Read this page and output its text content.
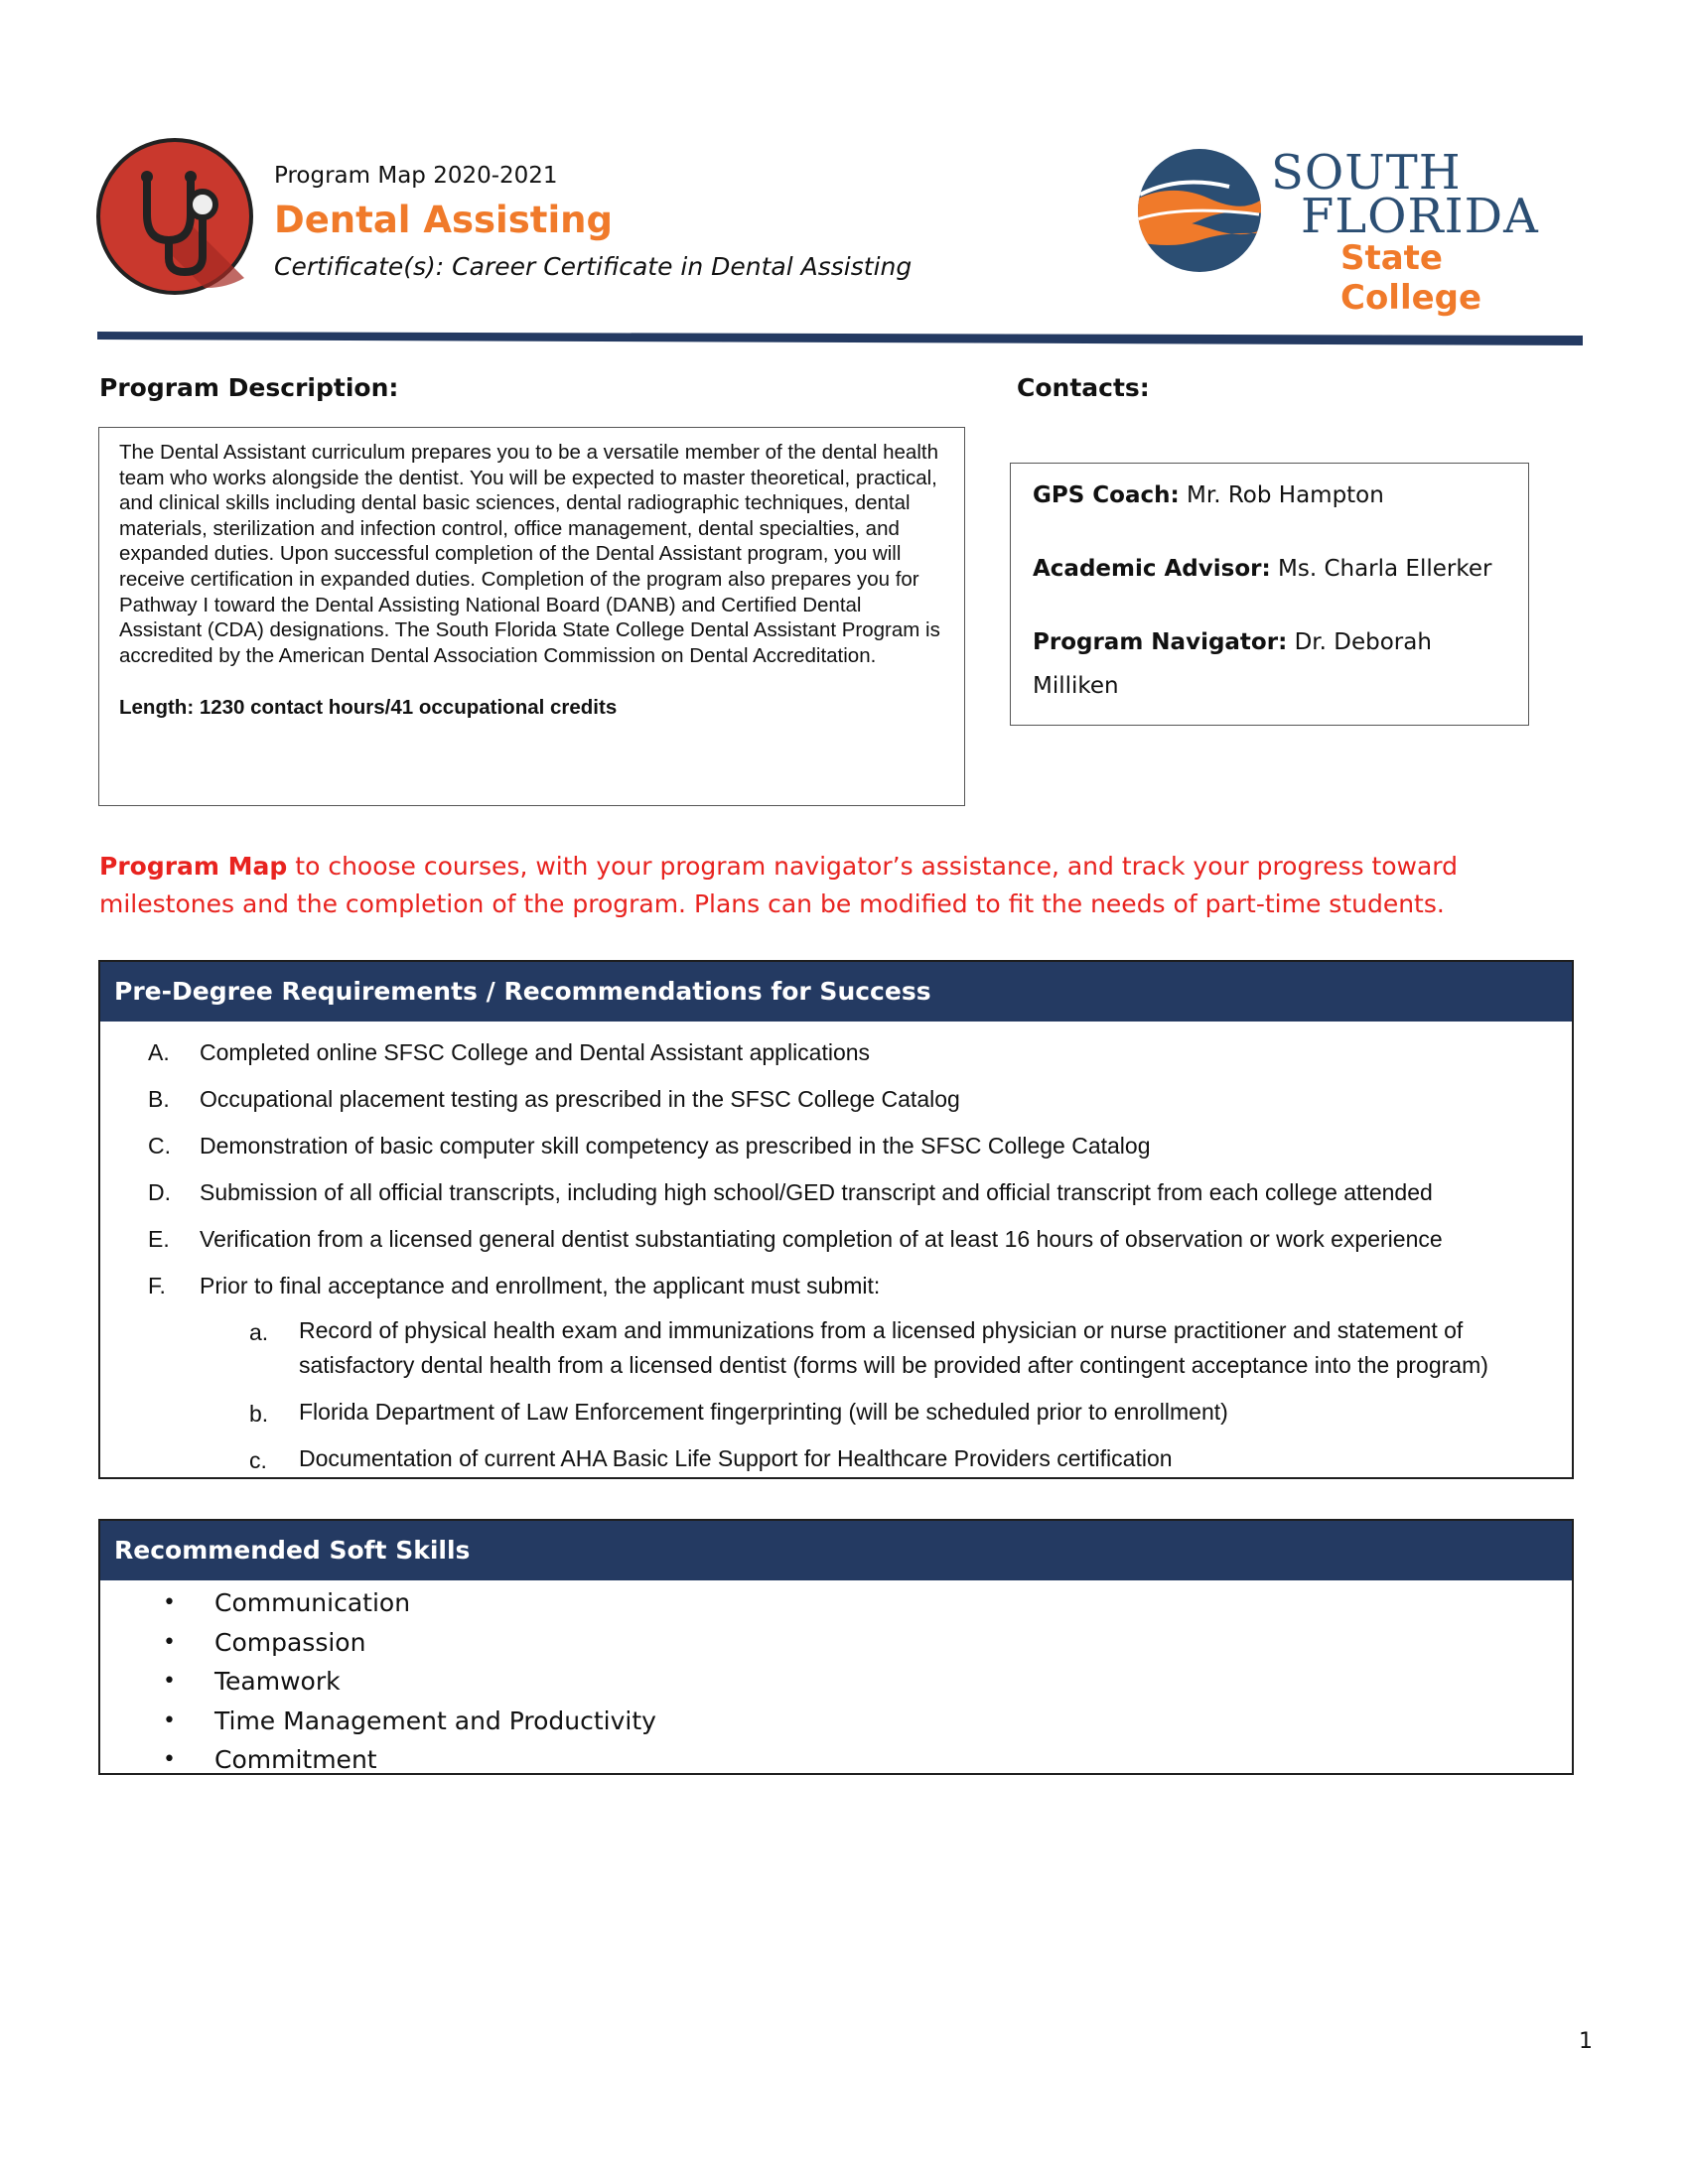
Program Map 2020-2021
Dental Assisting
Certificate(s): Career Certificate in Dental Assisting
SOUTH
FLORIDA
State College
Program Description:
The Dental Assistant curriculum prepares you to be a versatile member of the dental health team who works alongside the dentist. You will be expected to master theoretical, practical, and clinical skills including dental basic sciences, dental radiographic techniques, dental materials, sterilization and infection control, office management, dental specialties, and expanded duties. Upon successful completion of the Dental Assistant program, you will receive certification in expanded duties. Completion of the program also prepares you for Pathway I toward the Dental Assisting National Board (DANB) and Certified Dental Assistant (CDA) designations. The South Florida State College Dental Assistant Program is accredited by the American Dental Association Commission on Dental Accreditation.
Length: 1230 contact hours/41 occupational credits
Contacts:
GPS Coach: Mr. Rob Hampton
Academic Advisor: Ms. Charla Ellerker
Program Navigator: Dr. Deborah Milliken
Program Map to choose courses, with your program navigator’s assistance, and track your progress toward milestones and the completion of the program. Plans can be modified to fit the needs of part-time students.
Pre-Degree Requirements / Recommendations for Success
A. Completed online SFSC College and Dental Assistant applications
B. Occupational placement testing as prescribed in the SFSC College Catalog
C. Demonstration of basic computer skill competency as prescribed in the SFSC College Catalog
D. Submission of all official transcripts, including high school/GED transcript and official transcript from each college attended
E. Verification from a licensed general dentist substantiating completion of at least 16 hours of observation or work experience
F. Prior to final acceptance and enrollment, the applicant must submit:
a. Record of physical health exam and immunizations from a licensed physician or nurse practitioner and statement of satisfactory dental health from a licensed dentist (forms will be provided after contingent acceptance into the program)
b. Florida Department of Law Enforcement fingerprinting (will be scheduled prior to enrollment)
c. Documentation of current AHA Basic Life Support for Healthcare Providers certification
Recommended Soft Skills
• Communication
• Compassion
• Teamwork
• Time Management and Productivity
• Commitment
1
